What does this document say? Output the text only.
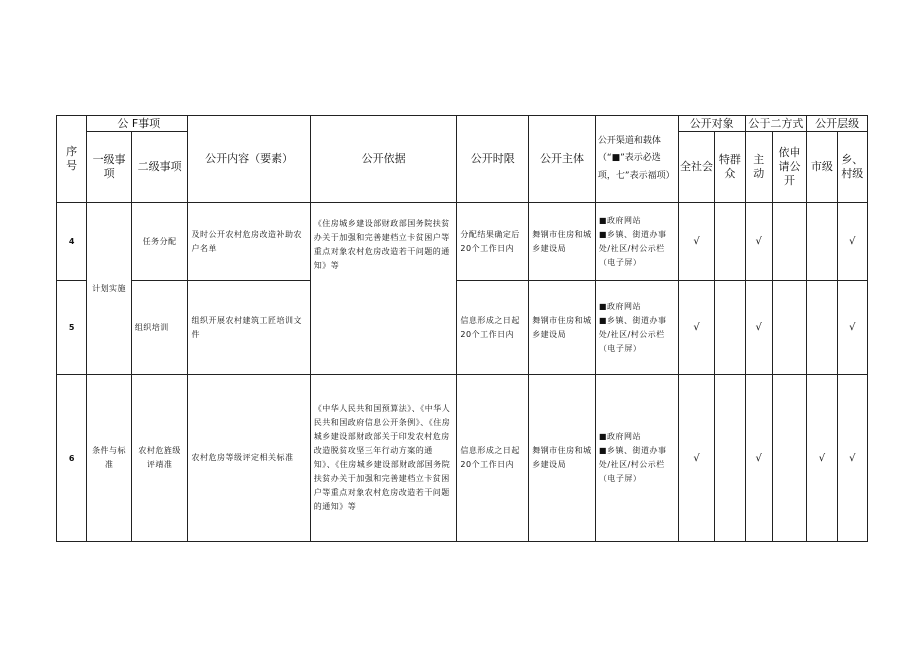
序号	公 F事项		公开内容（要素）	公开依据	公开时限	公开主体	公开渠道和载体（“■”表示必选项，七”表示福项）	公开对象		公于二方式		公开层级	
	一级事项	二级事项						全社会	特群众	主动	依申请公开	市级	乡、村级
4	计划实施	任务分配	及时公开农村危房改造补助农户名单	《住房城乡建设部财政部国务院扶贫办关于加强和完善建档立卡贫困户等重点对象农村危房改造若干问题的通知》等	分配结果确定后20个工作日内	舞钢市住房和城乡建设局	■政府网站
■乡镇、街道办事处/社区/村公示栏（电子屏）	√		√			√
5		组织培训	组织开展农村建筑工匠培训文件		信息形成之日起20个工作日内	舞钢市住房和城乡建设局	■政府网站
■乡镇、街道办事处/社区/村公示栏（电子屏）	√		√			√
6	条件与标准	农村危旌级评靖准	农村危房等级评定相关标准	《中华人民共和国预算法》、《中华人民共和国政府信息公开条例》、《住房城乡建设部财政部关于印发农村危房改造脱贫攻坚三年行动方案的通知》、《住房城乡建设部财政部国务院扶贫办关于加强和完善建档立卡贫困户等重点对象农村危房改造若干问题的通知》等	信息形成之日起20个工作日内	舞钢市住房和城乡建设局	■政府网站
■乡镇、街道办事处/社区/村公示栏（电子屏）	√		√		√	√
